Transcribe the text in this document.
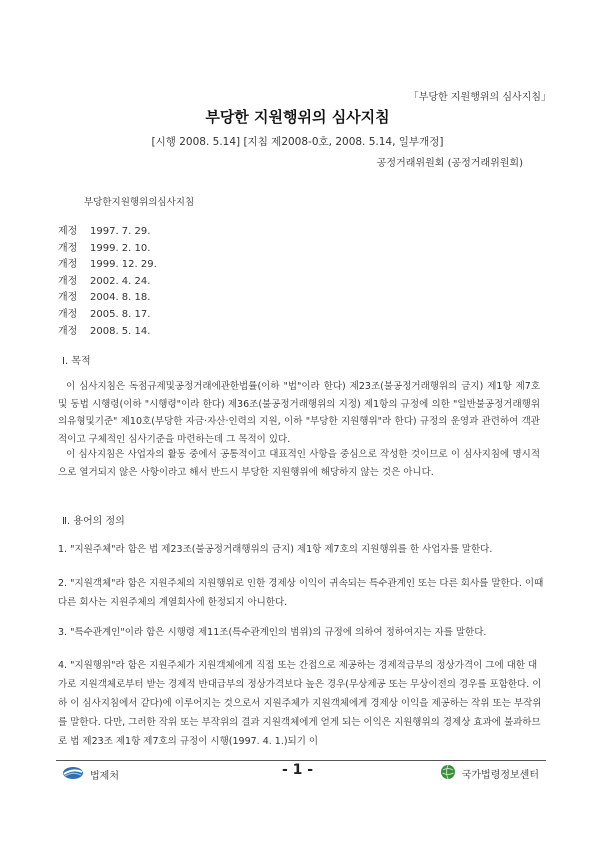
「부당한 지원행위의 심사지침」
부당한 지원행위의 심사지침
[시행 2008. 5.14] [지침 제2008-0호, 2008. 5.14, 일부개정]
공정거래위원회 (공정거래위원회)
부당한지원행위의심사지침
제정 1997. 7. 29.
개정 1999. 2. 10.
개정 1999. 12. 29.
개정 2002. 4. 24.
개정 2004. 8. 18.
개정 2005. 8. 17.
개정 2008. 5. 14.
Ⅰ. 목적
이 심사지침은 독점규제및공정거래에관한법률(이하 "법"이라 한다) 제23조(불공정거래행위의 금지) 제1항 제7호 및 동법 시행령(이하 "시행령"이라 한다) 제36조(불공정거래행위의 지정) 제1항의 규정에 의한 "일반불공정거래행위의유형및기준" 제10호(부당한 자금·자산·인력의 지원, 이하 "부당한 지원행위"라 한다) 규정의 운영과 관련하여 객관적이고 구체적인 심사기준을 마련하는데 그 목적이 있다.
이 심사지침은 사업자의 활동 중에서 공통적이고 대표적인 사항을 중심으로 작성한 것이므로 이 심사지침에 명시적으로 열거되지 않은 사항이라고 해서 반드시 부당한 지원행위에 해당하지 않는 것은 아니다.
Ⅱ. 용어의 정의
1. "지원주체"라 함은 법 제23조(불공정거래행위의 금지) 제1항 제7호의 지원행위를 한 사업자를 말한다.
2. "지원객체"라 함은 지원주체의 지원행위로 인한 경제상 이익이 귀속되는 특수관계인 또는 다른 회사를 말한다. 이때 다른 회사는 지원주체의 계열회사에 한정되지 아니한다.
3. "특수관계인"이라 함은 시행령 제11조(특수관계인의 범위)의 규정에 의하여 정하여지는 자를 말한다.
4. "지원행위"라 함은 지원주체가 지원객체에게 직접 또는 간접으로 제공하는 경제적급부의 정상가격이 그에 대한 대가로 지원객체로부터 받는 경제적 반대급부의 정상가격보다 높은 경우(무상제공 또는 무상이전의 경우를 포함한다. 이하 이 심사지침에서 같다)에 이루어지는 것으로서 지원주체가 지원객체에게 경제상 이익을 제공하는 작위 또는 부작위를 말한다. 다만, 그러한 작위 또는 부작위의 결과 지원객체에게 얻게 되는 이익은 지원행위의 경제상 효과에 불과하므로 법 제23조 제1항 제7호의 규정이 시행(1997. 4. 1.)되기 이
법제처	- 1 -	국가법령정보센터
